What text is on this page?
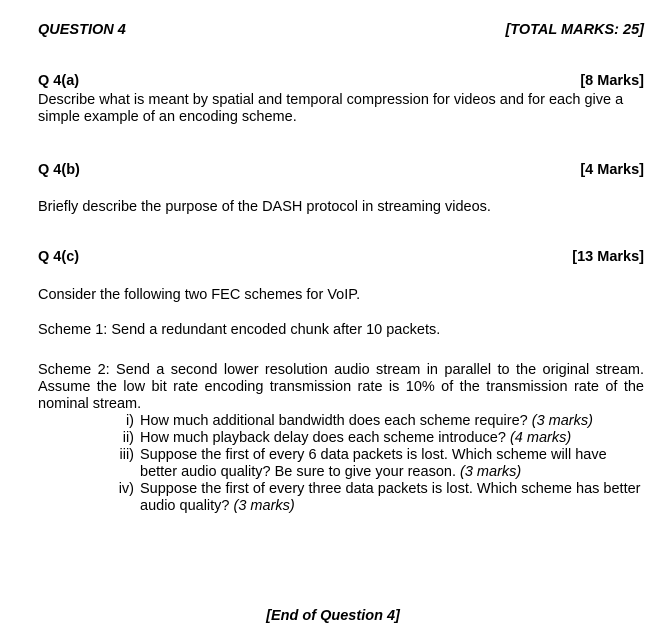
QUESTION 4	[TOTAL MARKS: 25]
Q 4(a)	[8 Marks]
Describe what is meant by spatial and temporal compression for videos and for each give a simple example of an encoding scheme.
Q 4(b)	[4 Marks]
Briefly describe the purpose of the DASH protocol in streaming videos.
Q 4(c)	[13 Marks]
Consider the following two FEC schemes for VoIP.
Scheme 1: Send a redundant encoded chunk after 10 packets.
Scheme 2: Send a second lower resolution audio stream in parallel to the original stream. Assume the low bit rate encoding transmission rate is 10% of the transmission rate of the nominal stream.
i) How much additional bandwidth does each scheme require? (3 marks)
ii) How much playback delay does each scheme introduce? (4 marks)
iii) Suppose the first of every 6 data packets is lost. Which scheme will have better audio quality? Be sure to give your reason. (3 marks)
iv) Suppose the first of every three data packets is lost. Which scheme has better audio quality? (3 marks)
[End of Question 4]
